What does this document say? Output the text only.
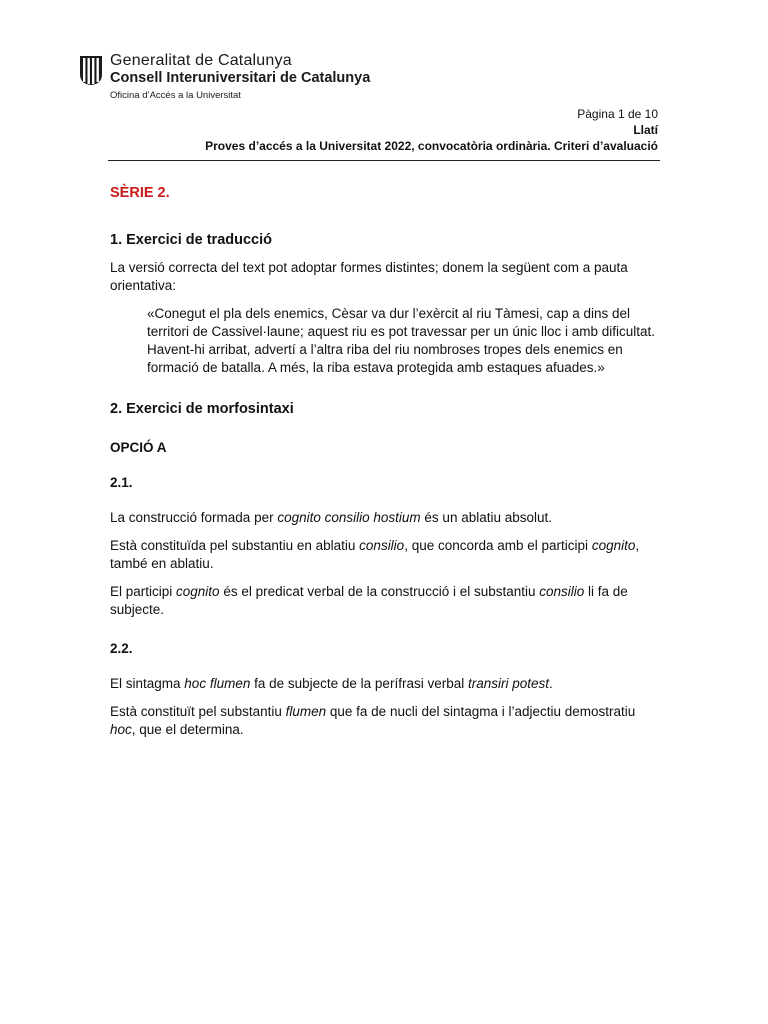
Generalitat de Catalunya
Consell Interuniversitari de Catalunya
Oficina d’Accés a la Universitat
Pàgina 1 de 10
Llatí
Proves d’accés a la Universitat 2022, convocatòria ordinària. Criteri d’avaluació
SÈRIE 2.
1. Exercici de traducció

La versió correcta del text pot adoptar formes distintes; donem la següent com a pauta orientativa:

«Conegut el pla dels enemics, Cèsar va dur l’exèrcit al riu Tàmesi, cap a dins del territori de Cassivel·laune; aquest riu es pot travessar per un únic lloc i amb dificultat. Havent-hi arribat, advertí a l’altra riba del riu nombroses tropes dels enemics en formació de batalla. A més, la riba estava protegida amb estaques afuades.»

2. Exercici de morfosintaxi
OPCIÓ A
2.1.

La construcció formada per cognito consilio hostium és un ablatiu absolut.

Està constituïda pel substantiu en ablatiu consilio, que concorda amb el participi cognito, també en ablatiu.

El participi cognito és el predicat verbal de la construcció i el substantiu consilio li fa de subjecte.

2.2.

El sintagma hoc flumen fa de subjecte de la perífrasi verbal transiri potest.

Està constituït pel substantiu flumen que fa de nucli del sintagma i l’adjectiu demostratiu hoc, que el determina.
